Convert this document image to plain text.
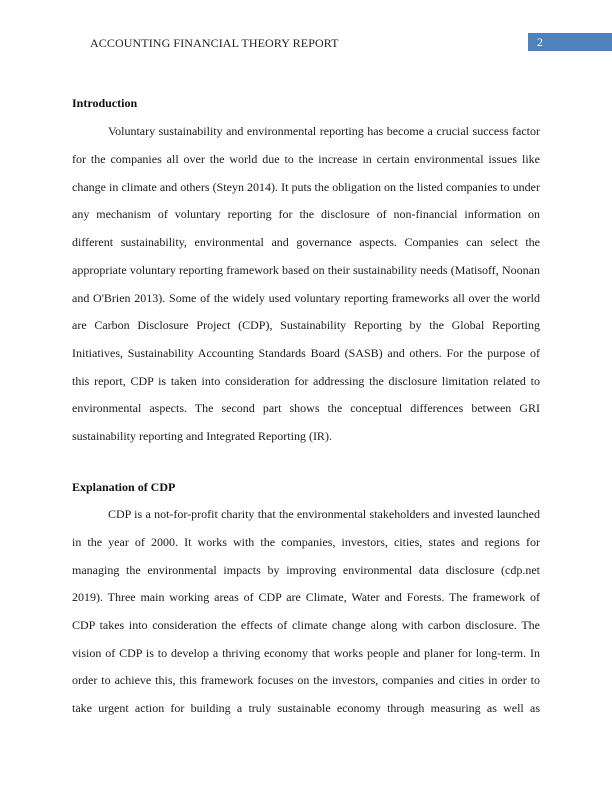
ACCOUNTING FINANCIAL THEORY REPORT	2
Introduction
Voluntary sustainability and environmental reporting has become a crucial success factor
for the companies all over the world due to the increase in certain environmental issues like
change in climate and others (Steyn 2014). It puts the obligation on the listed companies to under
any mechanism of voluntary reporting for the disclosure of non-financial information on
different sustainability, environmental and governance aspects. Companies can select the
appropriate voluntary reporting framework based on their sustainability needs (Matisoff, Noonan
and O'Brien 2013). Some of the widely used voluntary reporting frameworks all over the world
are Carbon Disclosure Project (CDP), Sustainability Reporting by the Global Reporting
Initiatives, Sustainability Accounting Standards Board (SASB) and others. For the purpose of
this report, CDP is taken into consideration for addressing the disclosure limitation related to
environmental aspects. The second part shows the conceptual differences between GRI
sustainability reporting and Integrated Reporting (IR).
Explanation of CDP
CDP is a not-for-profit charity that the environmental stakeholders and invested launched
in the year of 2000. It works with the companies, investors, cities, states and regions for
managing the environmental impacts by improving environmental data disclosure (cdp.net
2019). Three main working areas of CDP are Climate, Water and Forests. The framework of
CDP takes into consideration the effects of climate change along with carbon disclosure. The
vision of CDP is to develop a thriving economy that works people and planer for long-term. In
order to achieve this, this framework focuses on the investors, companies and cities in order to
take urgent action for building a truly sustainable economy through measuring as well as
